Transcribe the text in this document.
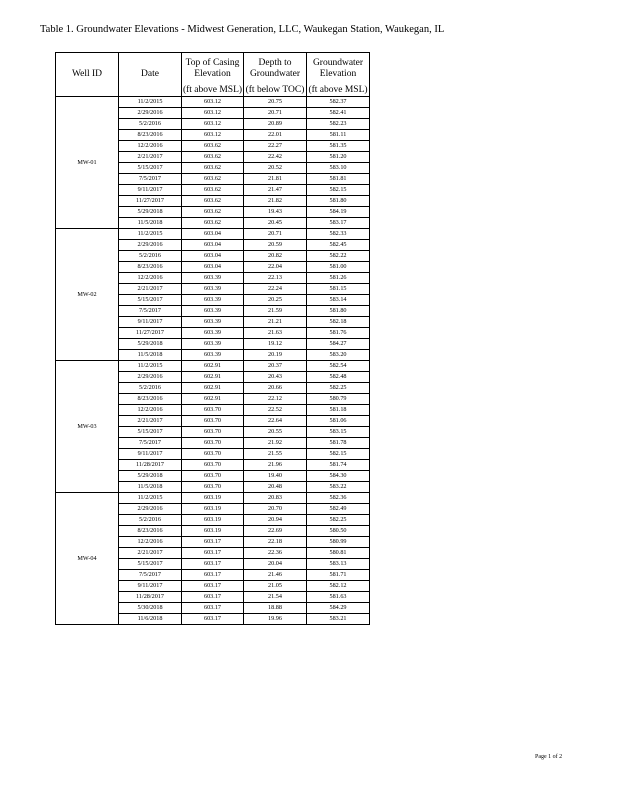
Table 1. Groundwater Elevations - Midwest Generation, LLC, Waukegan Station, Waukegan, IL
Well ID	Date	Top of Casing Elevation	Depth to Groundwater	Groundwater Elevation
		(ft above MSL)	(ft below TOC)	(ft above MSL)
MW-01	11/2/2015	603.12	20.75	582.37
	2/29/2016	603.12	20.71	582.41
	5/2/2016	603.12	20.89	582.23
	8/23/2016	603.12	22.01	581.11
	12/2/2016	603.62	22.27	581.35
	2/21/2017	603.62	22.42	581.20
	5/15/2017	603.62	20.52	583.10
	7/5/2017	603.62	21.81	581.81
	9/11/2017	603.62	21.47	582.15
	11/27/2017	603.62	21.82	581.80
	5/29/2018	603.62	19.43	584.19
	11/5/2018	603.62	20.45	583.17
MW-02	11/2/2015	603.04	20.71	582.33
	2/29/2016	603.04	20.59	582.45
	5/2/2016	603.04	20.82	582.22
	8/23/2016	603.04	22.04	581.00
	12/2/2016	603.39	22.13	581.26
	2/21/2017	603.39	22.24	581.15
	5/15/2017	603.39	20.25	583.14
	7/5/2017	603.39	21.59	581.80
	9/11/2017	603.39	21.21	582.18
	11/27/2017	603.39	21.63	581.76
	5/29/2018	603.39	19.12	584.27
	11/5/2018	603.39	20.19	583.20
MW-03	11/2/2015	602.91	20.37	582.54
	2/29/2016	602.91	20.43	582.48
	5/2/2016	602.91	20.66	582.25
	8/23/2016	602.91	22.12	580.79
	12/2/2016	603.70	22.52	581.18
	2/21/2017	603.70	22.64	581.06
	5/15/2017	603.70	20.55	583.15
	7/5/2017	603.70	21.92	581.78
	9/11/2017	603.70	21.55	582.15
	11/28/2017	603.70	21.96	581.74
	5/29/2018	603.70	19.40	584.30
	11/5/2018	603.70	20.48	583.22
MW-04	11/2/2015	603.19	20.83	582.36
	2/29/2016	603.19	20.70	582.49
	5/2/2016	603.19	20.94	582.25
	8/23/2016	603.19	22.69	580.50
	12/2/2016	603.17	22.18	580.99
	2/21/2017	603.17	22.36	580.81
	5/15/2017	603.17	20.04	583.13
	7/5/2017	603.17	21.46	581.71
	9/11/2017	603.17	21.05	582.12
	11/28/2017	603.17	21.54	581.63
	5/30/2018	603.17	18.88	584.29
	11/6/2018	603.17	19.96	583.21
Page 1 of 2
